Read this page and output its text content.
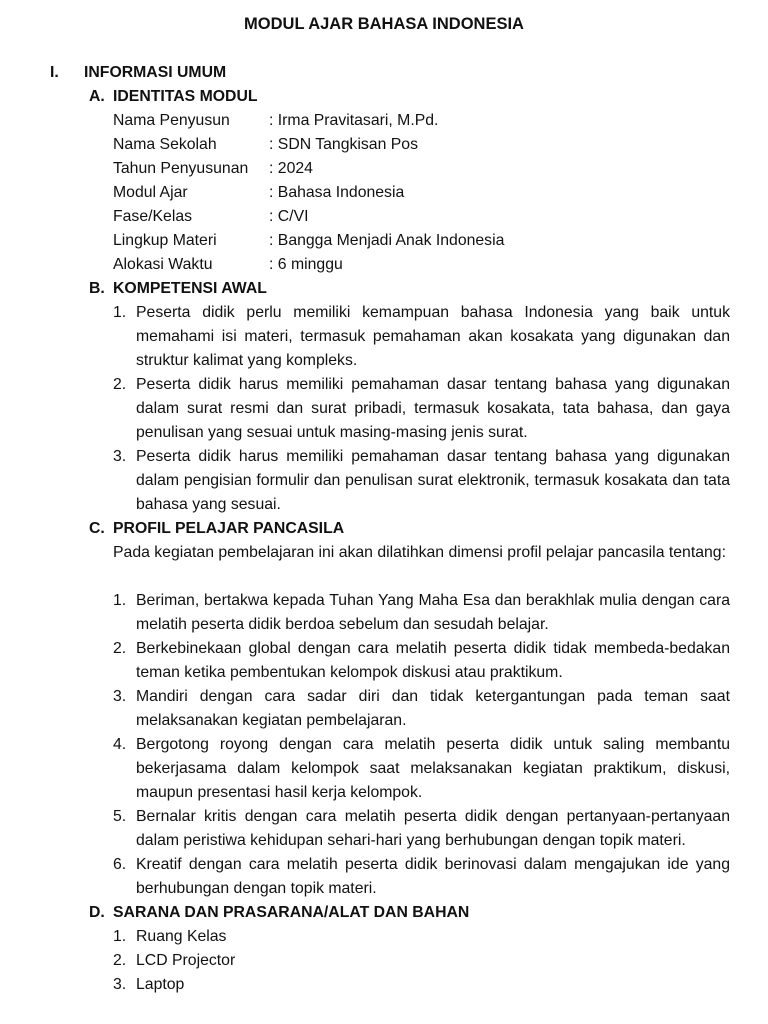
MODUL AJAR BAHASA INDONESIA
I. INFORMASI UMUM
A. IDENTITAS MODUL
Nama Penyusun : Irma Pravitasari, M.Pd.
Nama Sekolah	: SDN Tangkisan Pos
Tahun Penyusunan : 2024
Modul Ajar	: Bahasa Indonesia
Fase/Kelas	: C/VI
Lingkup Materi	: Bangga Menjadi Anak Indonesia
Alokasi Waktu	: 6 minggu
B. KOMPETENSI AWAL
1. Peserta didik perlu memiliki kemampuan bahasa Indonesia yang baik untuk memahami isi materi, termasuk pemahaman akan kosakata yang digunakan dan struktur kalimat yang kompleks.
2. Peserta didik harus memiliki pemahaman dasar tentang bahasa yang digunakan dalam surat resmi dan surat pribadi, termasuk kosakata, tata bahasa, dan gaya penulisan yang sesuai untuk masing-masing jenis surat.
3. Peserta didik harus memiliki pemahaman dasar tentang bahasa yang digunakan dalam pengisian formulir dan penulisan surat elektronik, termasuk kosakata dan tata bahasa yang sesuai.
C. PROFIL PELAJAR PANCASILA
Pada kegiatan pembelajaran ini akan dilatihkan dimensi profil pelajar pancasila tentang:
1. Beriman, bertakwa kepada Tuhan Yang Maha Esa dan berakhlak mulia dengan cara melatih peserta didik berdoa sebelum dan sesudah belajar.
2. Berkebinekaan global dengan cara melatih peserta didik tidak membeda-bedakan teman ketika pembentukan kelompok diskusi atau praktikum.
3. Mandiri dengan cara sadar diri dan tidak ketergantungan pada teman saat melaksanakan kegiatan pembelajaran.
4. Bergotong royong dengan cara melatih peserta didik untuk saling membantu bekerjasama dalam kelompok saat melaksanakan kegiatan praktikum, diskusi, maupun presentasi hasil kerja kelompok.
5. Bernalar kritis dengan cara melatih peserta didik dengan pertanyaan-pertanyaan dalam peristiwa kehidupan sehari-hari yang berhubungan dengan topik materi.
6. Kreatif dengan cara melatih peserta didik berinovasi dalam mengajukan ide yang berhubungan dengan topik materi.
D. SARANA DAN PRASARANA/ALAT DAN BAHAN
1. Ruang Kelas
2. LCD Projector
3. Laptop
